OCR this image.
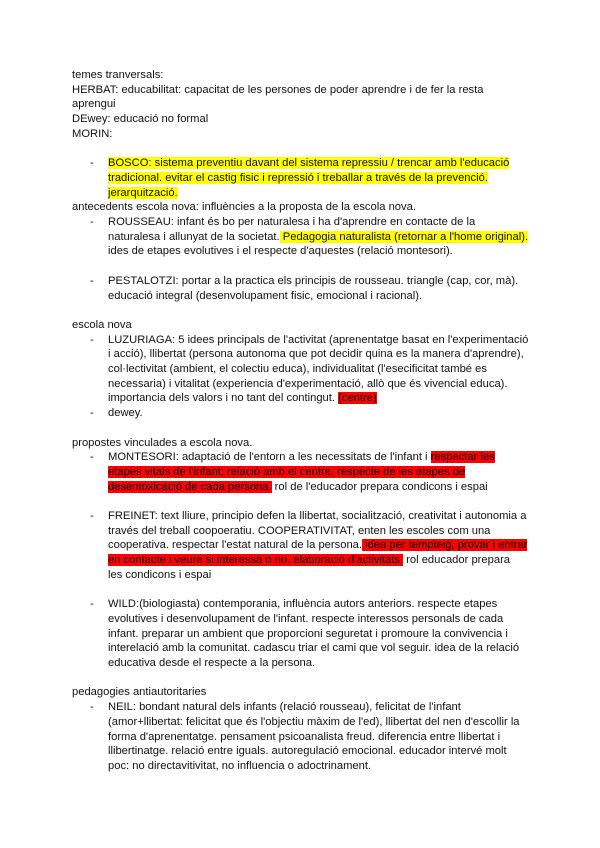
temes tranversals:
HERBAT: educabilitat: capacitat de les persones de poder aprendre i de fer la resta
aprengui
DEwey: educació no formal
MORIN:
- BOSCO: sistema preventiu davant del sistema repressiu / trencar amb l'educació
tradicional. evitar el castig fisic i repressió i treballar a través de la prevenció.
jerarquització.
antecedents escola nova: influències a la proposta de la escola nova.
- ROUSSEAU: infant és bo per naturalesa i ha d'aprendre en contacte de la
naturalesa i allunyat de la societat. Pedagogia naturalista (retornar a l'home original).
ides de etapes evolutives i el respecte d'aquestes (relació montesori).
- PESTALOTZI: portar a la practica els principis de rousseau. triangle (cap, cor, mà).
educació integral (desenvolupament fisic, emocional i racional).
escola nova
- LUZURIAGA: 5 idees principals de l'activitat (aprenentatge basat en l'experimentació
i acció), llibertat (persona autonoma que pot decidir quina es la manera d'aprendre),
col·lectivitat (ambient, el colectiu educa), individualitat (l'esecificitat també es
necessaria) i vitalitat (experiencia d'experimentació, allò que és vivencial educa).
importancia dels valors i no tant del contingut. (centre)
- dewey.
propostes vinculades a escola nova.
- MONTESORI: adaptació de l'entorn a les necessitats de l'infant i respectar les
etapes vitals de l'infant; relació amb el centre, respecte de les etapes de
desentoxicació de cada persona. rol de l'educador prepara condicons i espai
- FREINET: text lliure, principio defen la llibertat, socialització, creativitat i autonomia a
través del treball coopoeratiu. COOPERATIVITAT, enten les escoles com una
cooperativa. respectar l'estat natural de la persona. idea per tempteig, provar i entrar
en contacte i veure si interessa o no. elaboració d'activitats. rol educador prepara
les condicons i espai
- WILD:(biologiasta) contemporania, influència autors anteriors. respecte etapes
evolutives i desenvolupament de l'infant. respecte interessos personals de cada
infant. preparar un ambient que proporcioni seguretat i promoure la convivencia i
interelació amb la comunitat. cadascu triar el cami que vol seguir. idea de la relació
educativa desde el respecte a la persona.
pedagogies antiautoritaries
- NEIL: bondant natural dels infants (relació rousseau), felicitat de l'infant
(amor+llibertat: felicitat que és l'objectiu màxim de l'ed), llibertat del nen d'escollir la
forma d'aprenentatge. pensament psicoanalista freud. diferencia entre llibertat i
llibertinatge. relació entre iguals. autoregulació emocional. educador intervé molt
poc: no directavitivitat, no influencia o adoctrinament.
